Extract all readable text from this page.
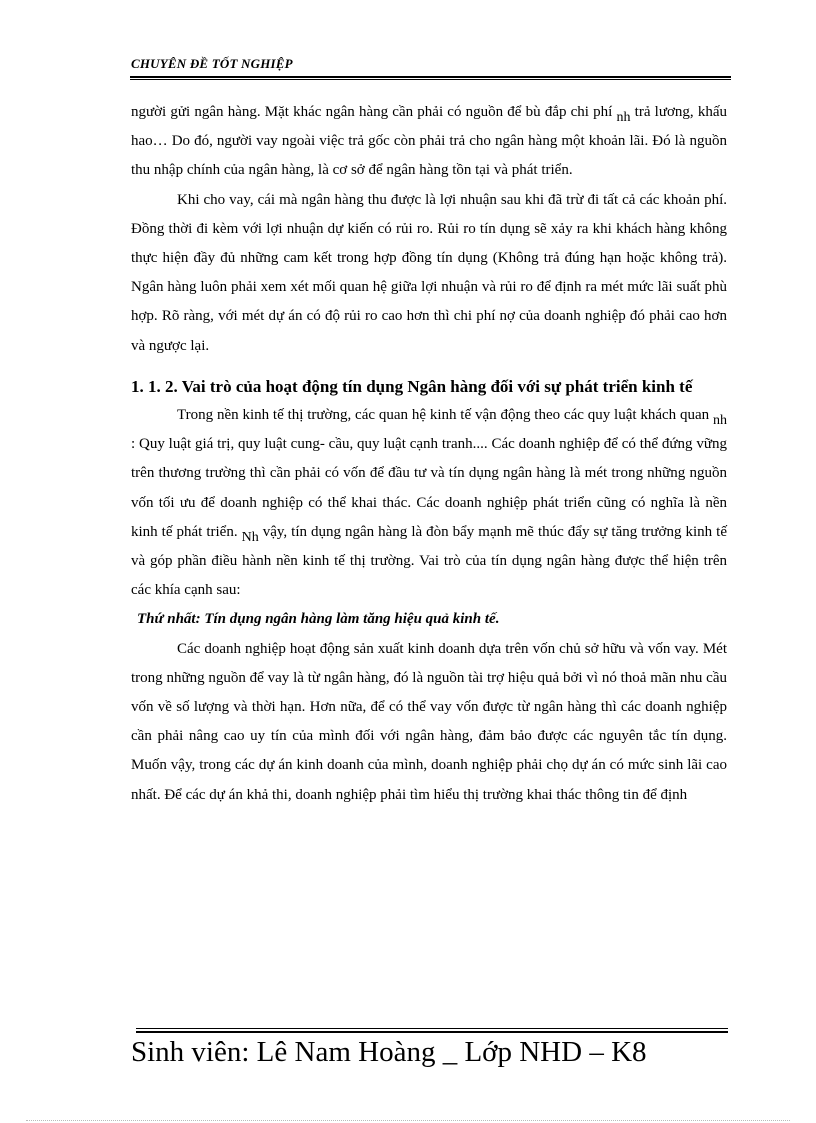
CHUYÊN ĐỀ TỐT NGHIỆP

người gửi ngân hàng. Mặt khác ngân hàng cần phải có nguồn để bù đắp chi phí nh trả lương, khấu hao… Do đó, người vay ngoài việc trả gốc còn phải trả cho ngân hàng một khoản lãi. Đó là nguồn thu nhập chính của ngân hàng, là cơ sở để ngân hàng tồn tại và phát triển.

Khi cho vay, cái mà ngân hàng thu được là lợi nhuận sau khi đã trừ đi tất cả các khoản phí. Đồng thời đi kèm với lợi nhuận dự kiến có rủi ro. Rủi ro tín dụng sẽ xảy ra khi khách hàng không thực hiện đầy đủ những cam kết trong hợp đồng tín dụng (Không trả đúng hạn hoặc không trả). Ngân hàng luôn phải xem xét mối quan hệ giữa lợi nhuận và rủi ro để định ra mét mức lãi suất phù hợp. Rõ ràng, với mét dự án có độ rủi ro cao hơn thì chi phí nợ của doanh nghiệp đó phải cao hơn và ngược lại.

1. 1. 2. Vai trò của hoạt động tín dụng Ngân hàng đối với sự phát triển kinh tế

Trong nền kinh tế thị trường, các quan hệ kinh tế vận động theo các quy luật khách quan nh : Quy luật giá trị, quy luật cung- cầu, quy luật cạnh tranh.... Các doanh nghiệp để có thể đứng vững trên thương trường thì cần phải có vốn để đầu tư và tín dụng ngân hàng là mét trong những nguồn vốn tối ưu để doanh nghiệp có thể khai thác. Các doanh nghiệp phát triển cũng có nghĩa là nền kinh tế phát triển. Nh vậy, tín dụng ngân hàng là đòn bẩy mạnh mẽ thúc đẩy sự tăng trưởng kinh tế và góp phần điều hành nền kinh tế thị trường. Vai trò của tín dụng ngân hàng được thể hiện trên các khía cạnh sau:

Thứ nhất: Tín dụng ngân hàng làm tăng hiệu quả kinh tế.

Các doanh nghiệp hoạt động sản xuất kinh doanh dựa trên vốn chủ sở hữu và vốn vay. Mét trong những nguồn để vay là từ ngân hàng, đó là nguồn tài trợ hiệu quả bởi vì nó thoả mãn nhu cầu vốn về số lượng và thời hạn. Hơn nữa, để có thể vay vốn được từ ngân hàng thì các doanh nghiệp cần phải nâng cao uy tín của mình đối với ngân hàng, đảm bảo được các nguyên tắc tín dụng. Muốn vậy, trong các dự án kinh doanh của mình, doanh nghiệp phải chọ dự án có mức sinh lãi cao nhất. Để các dự án khả thi, doanh nghiệp phải tìm hiểu thị trường khai thác thông tin để định

Sinh viên: Lê Nam Hoàng _ Lớp NHD – K8
